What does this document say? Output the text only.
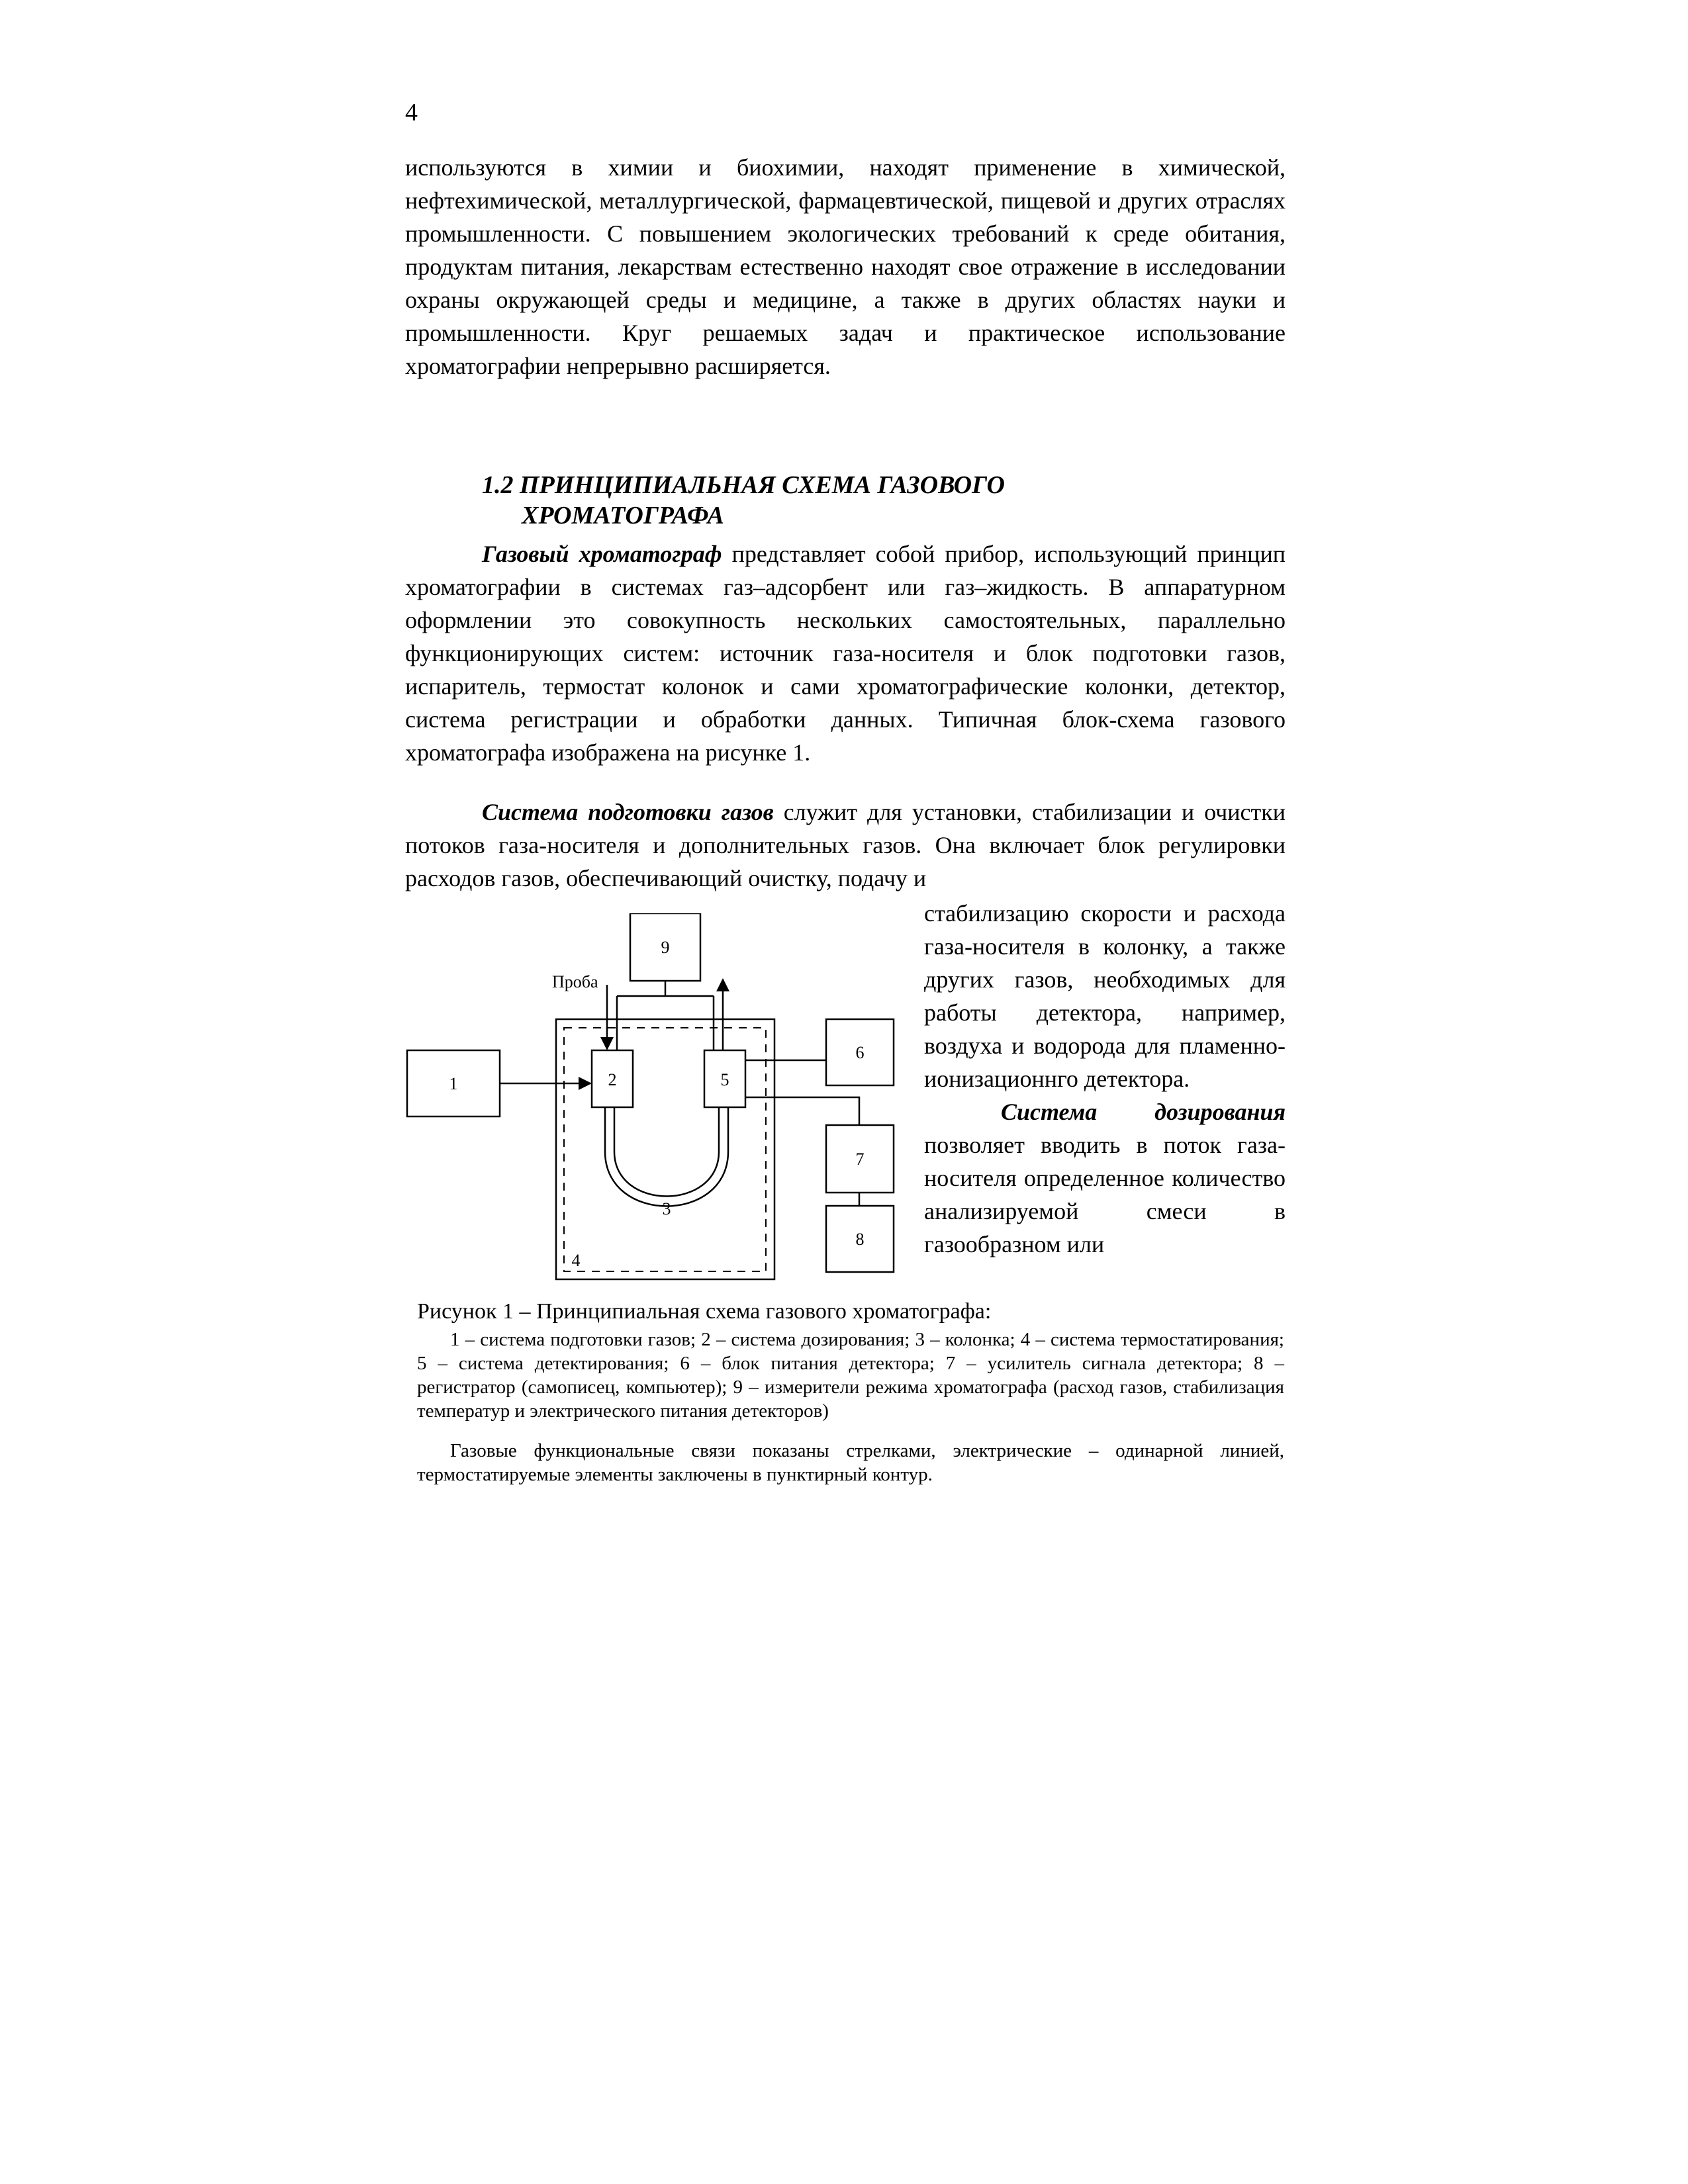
4

используются в химии и биохимии, находят применение в химической, нефтехимической, металлургической, фармацевтической, пищевой и других отраслях промышленности. С повышением экологических требований к среде обитания, продуктам питания, лекарствам естественно находят свое отражение в исследовании охраны окружающей среды и медицине, а также в других областях науки и промышленности. Круг решаемых задач и практическое использование хроматографии непрерывно расширяется.

1.2 ПРИНЦИПИАЛЬНАЯ СХЕМА ГАЗОВОГО
ХРОМАТОГРАФА

Газовый хроматограф представляет собой прибор, использующий принцип хроматографии в системах газ–адсорбент или газ–жидкость. В аппаратурном оформлении это совокупность нескольких самостоятельных, параллельно функционирующих систем: источник газа-носителя и блок подготовки газов, испаритель, термостат колонок и сами хроматографические колонки, детектор, система регистрации и обработки данных. Типичная блок-схема газового хроматографа изображена на рисунке 1.

Система подготовки газов служит для установки, стабилизации и очистки потоков газа-носителя и дополнительных газов. Она включает блок регулировки расходов газов, обеспечивающий очистку, подачу и

стабилизацию скорости и расхода газа-носителя в колонку, а также других газов, необходимых для работы детектора, например, воздуха и водорода для пламенно-ионизационнго детектора.

Система дозирования позволяет вводить в поток газа-носителя определенное количество анализируемой смеси в газообразном или

1	2
3
4
5
6
7
8
9
Проба
Рисунок 1 – Принципиальная схема газового хроматографа:
1 – система подготовки газов; 2 – система дозирования; 3 – колонка; 4 – система термостатирования; 5 – система детектирования; 6 – блок питания детектора; 7 – усилитель сигнала детектора; 8 – регистратор (самописец, компьютер); 9 – измерители режима хроматографа (расход газов, стабилизация температур и электрического питания детекторов)
Газовые функциональные связи показаны стрелками, электрические – одинарной линией, термостатируемые элементы заключены в пунктирный контур.
